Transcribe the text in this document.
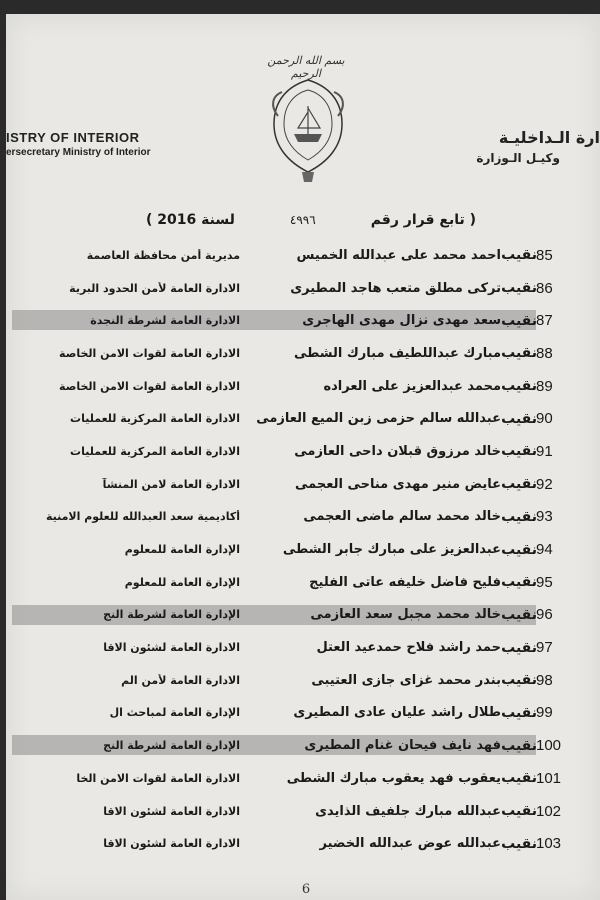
بسم الله الرحمن الرحيم
ISTRY OF INTERIOR
ersecretary Ministry of Interior
ارة الـداخليـة
وكيـل الـوزارة
( تابع قرار رقم
٤٩٩٦
لسنة 2016 )
85
نقيب
احمد محمد على عبدالله الخميس
مديرية أمن محافظة العاصمة
86
نقيب
تركى مطلق متعب هاجد المطيرى
الادارة العامة لأمن الحدود البرية
87
نقيب
سعد مهدى نزال مهدى الهاجرى
الادارة العامة لشرطة النجدة
88
نقيب
مبارك عبداللطيف مبارك الشطى
الادارة العامة لقوات الامن الخاصة
89
نقيب
محمد عبدالعزيز على العراده
الادارة العامة لقوات الامن الخاصة
90
نقيب
عبدالله سالم حزمى زبن الميع العازمى
الادارة العامة المركزية للعمليات
91
نقيب
خالد مرزوق قبلان داحى العازمى
الادارة العامة المركزية للعمليات
92
نقيب
عايض منير مهدى مناحى العجمى
الادارة العامة لامن المنشآ
93
نقيب
خالد محمد سالم ماضى العجمى
أكاديمية سعد العبدالله للعلوم الامنية
94
نقيب
عبدالعزيز على مبارك جابر الشطى
الإدارة العامة للمعلوم
95
نقيب
فليح فاضل خليفه عاتى الفليج
الإدارة العامة للمعلوم
96
نقيب
خالد محمد مجبل سعد العازمى
الإدارة العامة لشرطة النج
97
نقيب
حمد راشد فلاح حمدعيد العتل
الادارة العامة لشئون الاقا
98
نقيب
بندر محمد غزاى جازى العتيبى
الادارة العامة لأمن الم
99
نقيب
طلال راشد عليان عادى المطيرى
الإدارة العامة لمباحث ال
100
نقيب
فهد نايف فيحان غنام المطيرى
الإدارة العامة لشرطة النج
101
نقيب
يعقوب فهد يعقوب مبارك الشطى
الادارة العامة لقوات الامن الخا
102
نقيب
عبدالله مبارك جلفيف الذايدى
الادارة العامة لشئون الاقا
103
نقيب
عبدالله عوض عبدالله الخضير
الادارة العامة لشئون الاقا
6
